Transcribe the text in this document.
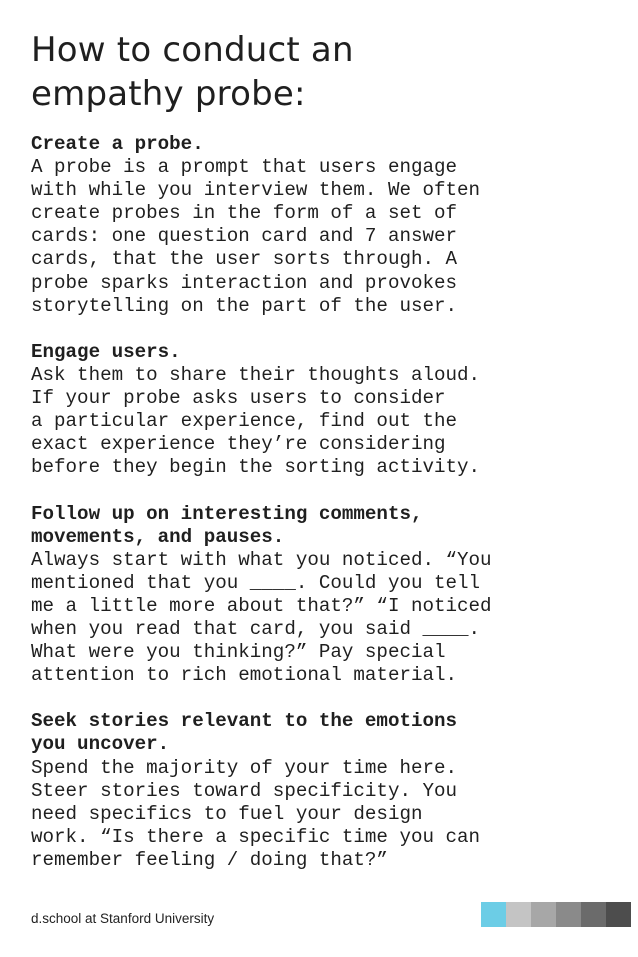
How to conduct an
empathy probe:
Create a probe.
A probe is a prompt that users engage
with while you interview them. We often
create probes in the form of a set of
cards: one question card and 7 answer
cards, that the user sorts through. A
probe sparks interaction and provokes
storytelling on the part of the user.
Engage users.
Ask them to share their thoughts aloud.
If your probe asks users to consider
a particular experience, find out the
exact experience they’re considering
before they begin the sorting activity.
Follow up on interesting comments,
movements, and pauses.
Always start with what you noticed. “You
mentioned that you ____. Could you tell
me a little more about that?” “I noticed
when you read that card, you said ____.
What were you thinking?” Pay special
attention to rich emotional material.
Seek stories relevant to the emotions
you uncover.
Spend the majority of your time here.
Steer stories toward specificity. You
need specifics to fuel your design
work. “Is there a specific time you can
remember feeling / doing that?”
d.school at Stanford University
